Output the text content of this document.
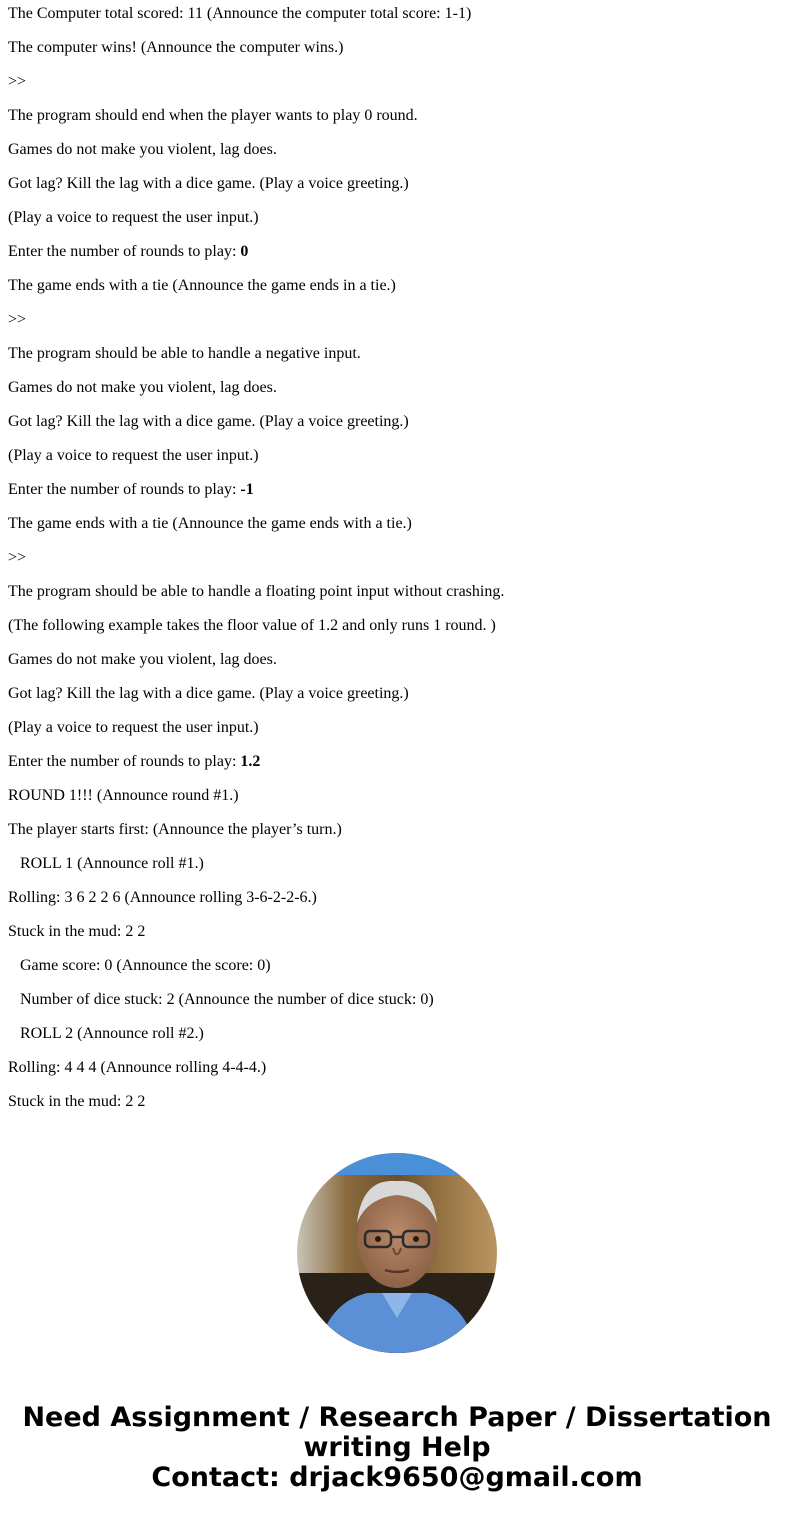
The Computer total scored: 11 (Announce the computer total score: 1-1)
The computer wins! (Announce the computer wins.)
>>
The program should end when the player wants to play 0 round.
Games do not make you violent, lag does.
Got lag? Kill the lag with a dice game. (Play a voice greeting.)
(Play a voice to request the user input.)
Enter the number of rounds to play: 0
The game ends with a tie (Announce the game ends in a tie.)
>>
The program should be able to handle a negative input.
Games do not make you violent, lag does.
Got lag? Kill the lag with a dice game. (Play a voice greeting.)
(Play a voice to request the user input.)
Enter the number of rounds to play: -1
The game ends with a tie (Announce the game ends with a tie.)
>>
The program should be able to handle a floating point input without crashing.
(The following example takes the floor value of 1.2 and only runs 1 round. )
Games do not make you violent, lag does.
Got lag? Kill the lag with a dice game. (Play a voice greeting.)
(Play a voice to request the user input.)
Enter the number of rounds to play: 1.2
ROUND 1!!! (Announce round #1.)
The player starts first: (Announce the player’s turn.)
ROLL 1 (Announce roll #1.)
Rolling: 3 6 2 2 6 (Announce rolling 3-6-2-2-6.)
Stuck in the mud: 2 2
Game score: 0 (Announce the score: 0)
Number of dice stuck: 2 (Announce the number of dice stuck: 0)
ROLL 2 (Announce roll #2.)
Rolling: 4 4 4 (Announce rolling 4-4-4.)
Stuck in the mud: 2 2
Need Assignment / Research Paper / Dissertation
writing Help
Contact: drjack9650@gmail.com
